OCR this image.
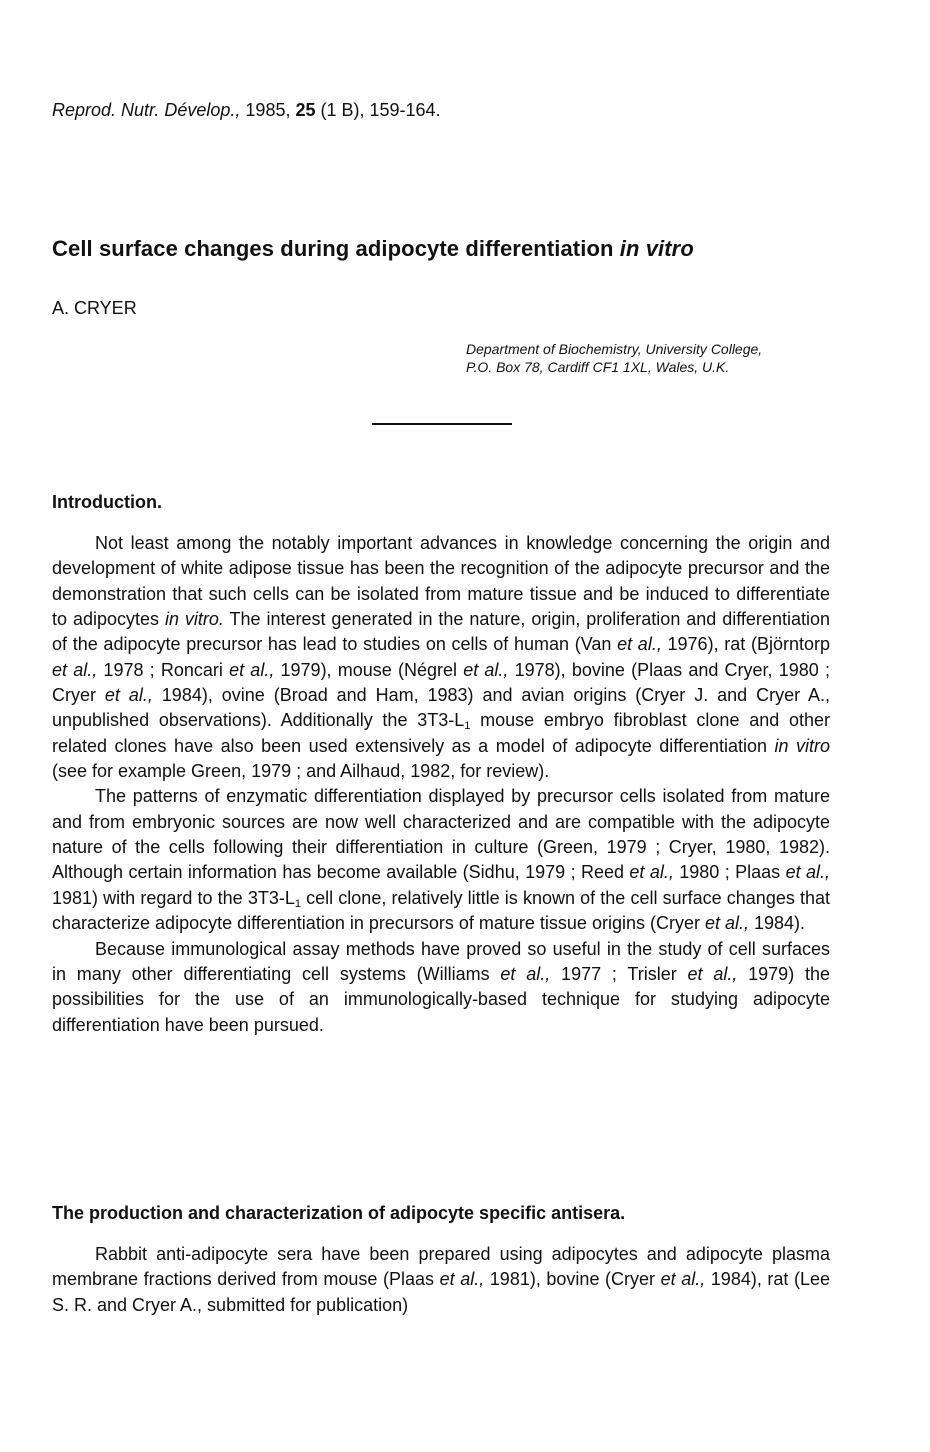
Reprod. Nutr. Dévelop., 1985, 25 (1 B), 159-164.
Cell surface changes during adipocyte differentiation in vitro
A. CRYER
Department of Biochemistry, University College,
P.O. Box 78, Cardiff CF1 1XL, Wales, U.K.
Introduction.

Not least among the notably important advances in knowledge concerning the origin and development of white adipose tissue has been the recognition of the adipocyte precursor and the demonstration that such cells can be isolated from mature tissue and be induced to differentiate to adipocytes in vitro. The interest generated in the nature, origin, proliferation and differentiation of the adipocyte precursor has lead to studies on cells of human (Van et al., 1976), rat (Björntorp et al., 1978 ; Roncari et al., 1979), mouse (Négrel et al., 1978), bovine (Plaas and Cryer, 1980 ; Cryer et al., 1984), ovine (Broad and Ham, 1983) and avian origins (Cryer J. and Cryer A., unpublished observations). Additionally the $3T3-L_1$ mouse embryo fibroblast clone and other related clones have also been used extensively as a model of adipocyte differentiation in vitro (see for example Green, 1979 ; and Ailhaud, 1982, for review).

The patterns of enzymatic differentiation displayed by precursor cells isolated from mature and from embryonic sources are now well characterized and are compatible with the adipocyte nature of the cells following their differentiation in culture (Green, 1979 ; Cryer, 1980, 1982). Although certain information has become available (Sidhu, 1979 ; Reed et al., 1980 ; Plaas et al., 1981) with regard to the $3T3-L_1$ cell clone, relatively little is known of the cell surface changes that characterize adipocyte differentiation in precursors of mature tissue origins (Cryer et al., 1984).

Because immunological assay methods have proved so useful in the study of cell surfaces in many other differentiating cell systems (Williams et al., 1977 ; Trisler et al., 1979) the possibilities for the use of an immunologically-based technique for studying adipocyte differentiation have been pursued.

The production and characterization of adipocyte specific antisera.

Rabbit anti-adipocyte sera have been prepared using adipocytes and adipocyte plasma membrane fractions derived from mouse (Plaas et al., 1981), bovine (Cryer et al., 1984), rat (Lee S. R. and Cryer A., submitted for publication)
